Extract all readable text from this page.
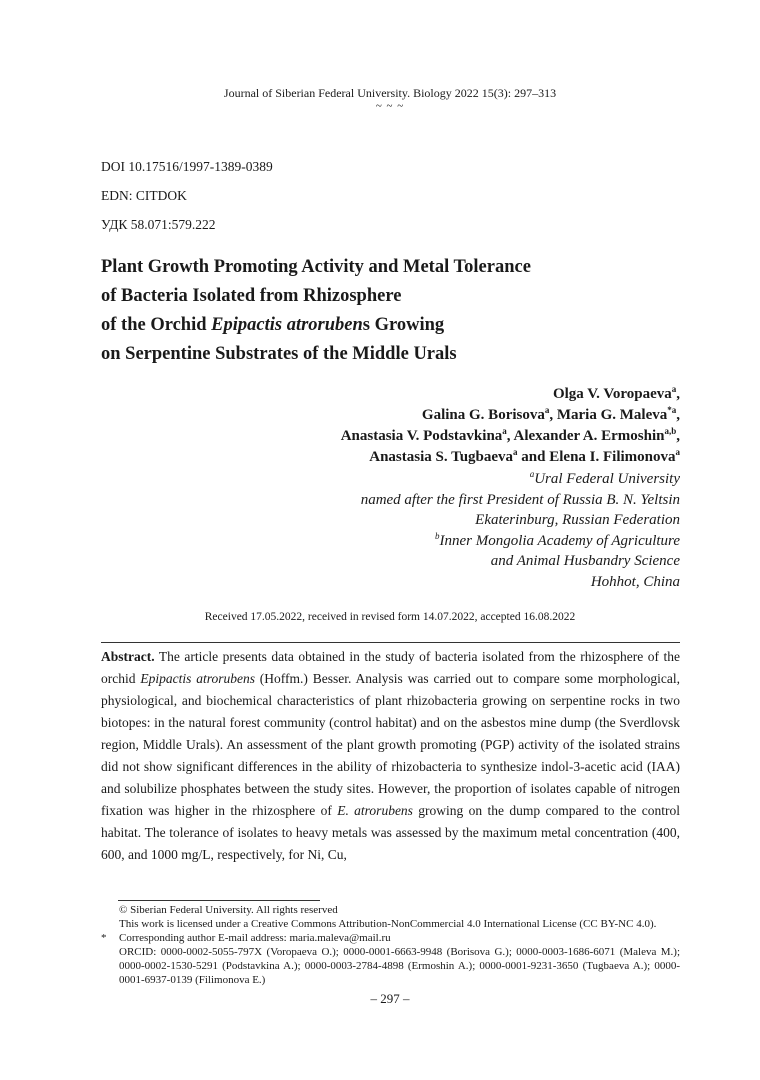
Journal of Siberian Federal University. Biology 2022 15(3): 297–313
~ ~ ~
DOI 10.17516/1997-1389-0389
EDN: CITDOK
УДК 58.071:579.222
Plant Growth Promoting Activity and Metal Tolerance
of Bacteria Isolated from Rhizosphere
of the Orchid Epipactis atrorubens Growing
on Serpentine Substrates of the Middle Urals
Olga V. Voropaeva$^a$,
Galina G. Borisova$^a$, Maria G. Maleva$^{*a}$,
Anastasia V. Podstavkina$^a$, Alexander A. Ermoshin$^{a,b}$,
Anastasia S. Tugbaeva$^a$ and Elena I. Filimonova$^a$
$^a$Ural Federal University
named after the first President of Russia B. N. Yeltsin
Ekaterinburg, Russian Federation
$^b$Inner Mongolia Academy of Agriculture
and Animal Husbandry Science
Hohhot, China
Received 17.05.2022, received in revised form 14.07.2022, accepted 16.08.2022
Abstract. The article presents data obtained in the study of bacteria isolated from the rhizosphere of the orchid Epipactis atrorubens (Hoffm.) Besser. Analysis was carried out to compare some morphological, physiological, and biochemical characteristics of plant rhizobacteria growing on serpentine rocks in two biotopes: in the natural forest community (control habitat) and on the asbestos mine dump (the Sverdlovsk region, Middle Urals). An assessment of the plant growth promoting (PGP) activity of the isolated strains did not show significant differences in the ability of rhizobacteria to synthesize indol-3-acetic acid (IAA) and solubilize phosphates between the study sites. However, the proportion of isolates capable of nitrogen fixation was higher in the rhizosphere of E. atrorubens growing on the dump compared to the control habitat. The tolerance of isolates to heavy metals was assessed by the maximum metal concentration (400, 600, and 1000 mg/L, respectively, for Ni, Cu,
© Siberian Federal University. All rights reserved
This work is licensed under a Creative Commons Attribution-NonCommercial 4.0 International License (CC BY-NC 4.0).
*	Corresponding author E-mail address: maria.maleva@mail.ru
ORCID: 0000-0002-5055-797X (Voropaeva O.); 0000-0001-6663-9948 (Borisova G.); 0000-0003-1686-6071 (Maleva M.); 0000-0002-1530-5291 (Podstavkina A.); 0000-0003-2784-4898 (Ermoshin A.); 0000-0001-9231-3650 (Tugbaeva A.); 0000-0001-6937-0139 (Filimonova E.)
– 297 –
